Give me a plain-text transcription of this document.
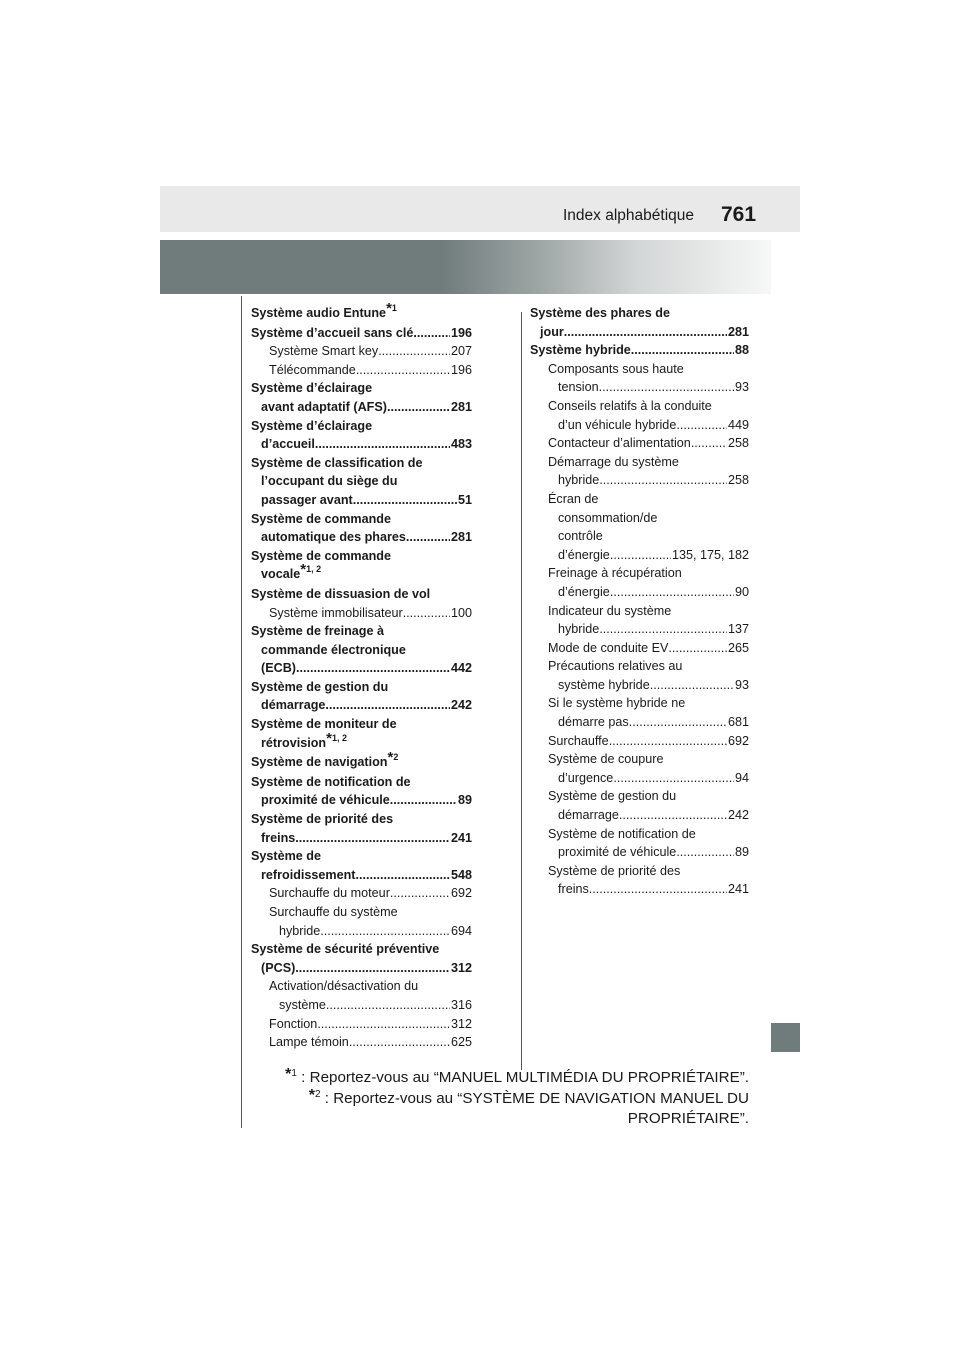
Index alphabétique 761
Système audio Entune*$^1$
Système d’accueil sans clé .....	196
Système Smart key .....	207
Télécommande .....	196
Système d’éclairage
avant adaptatif (AFS) .....	281
Système d’éclairage
d’accueil .....	483
Système de classification de
l’occupant du siège du
passager avant .....	51
Système de commande
automatique des phares .....	281
Système de commande
vocale*$^{1, 2}$
Système de dissuasion de vol
Système immobilisateur .....	100
Système de freinage à
commande électronique
(ECB) .....	442
Système de gestion du
démarrage .....	242
Système de moniteur de
rétrovision*$^{1, 2}$
Système de navigation*$^2$
Système de notification de
proximité de véhicule .....	89
Système de priorité des
freins .....	241
Système de
refroidissement .....	548
Surchauffe du moteur .....	692
Surchauffe du système
hybride .....	694
Système de sécurité préventive
(PCS) .....	312
Activation/désactivation du
système .....	316
Fonction .....	312
Lampe témoin .....	625
Système des phares de
jour .....	281
Système hybride .....	88
Composants sous haute
tension .....	93
Conseils relatifs à la conduite
d’un véhicule hybride .....	449
Contacteur d’alimentation .....	258
Démarrage du système
hybride .....	258
Écran de
consommation/de
contrôle
d’énergie .....	135, 175, 182
Freinage à récupération
d’énergie .....	90
Indicateur du système
hybride .....	137
Mode de conduite EV .....	265
Précautions relatives au
système hybride .....	93
Si le système hybride ne
démarre pas .....	681
Surchauffe .....	692
Système de coupure
d’urgence .....	94
Système de gestion du
démarrage .....	242
Système de notification de
proximité de véhicule .....	89
Système de priorité des
freins .....	241
*$^1$ : Reportez-vous au “MANUEL MULTIMÉDIA DU PROPRIÉTAIRE”.
*$^2$ : Reportez-vous au “SYSTÈME DE NAVIGATION MANUEL DU
PROPRIÉTAIRE”.
